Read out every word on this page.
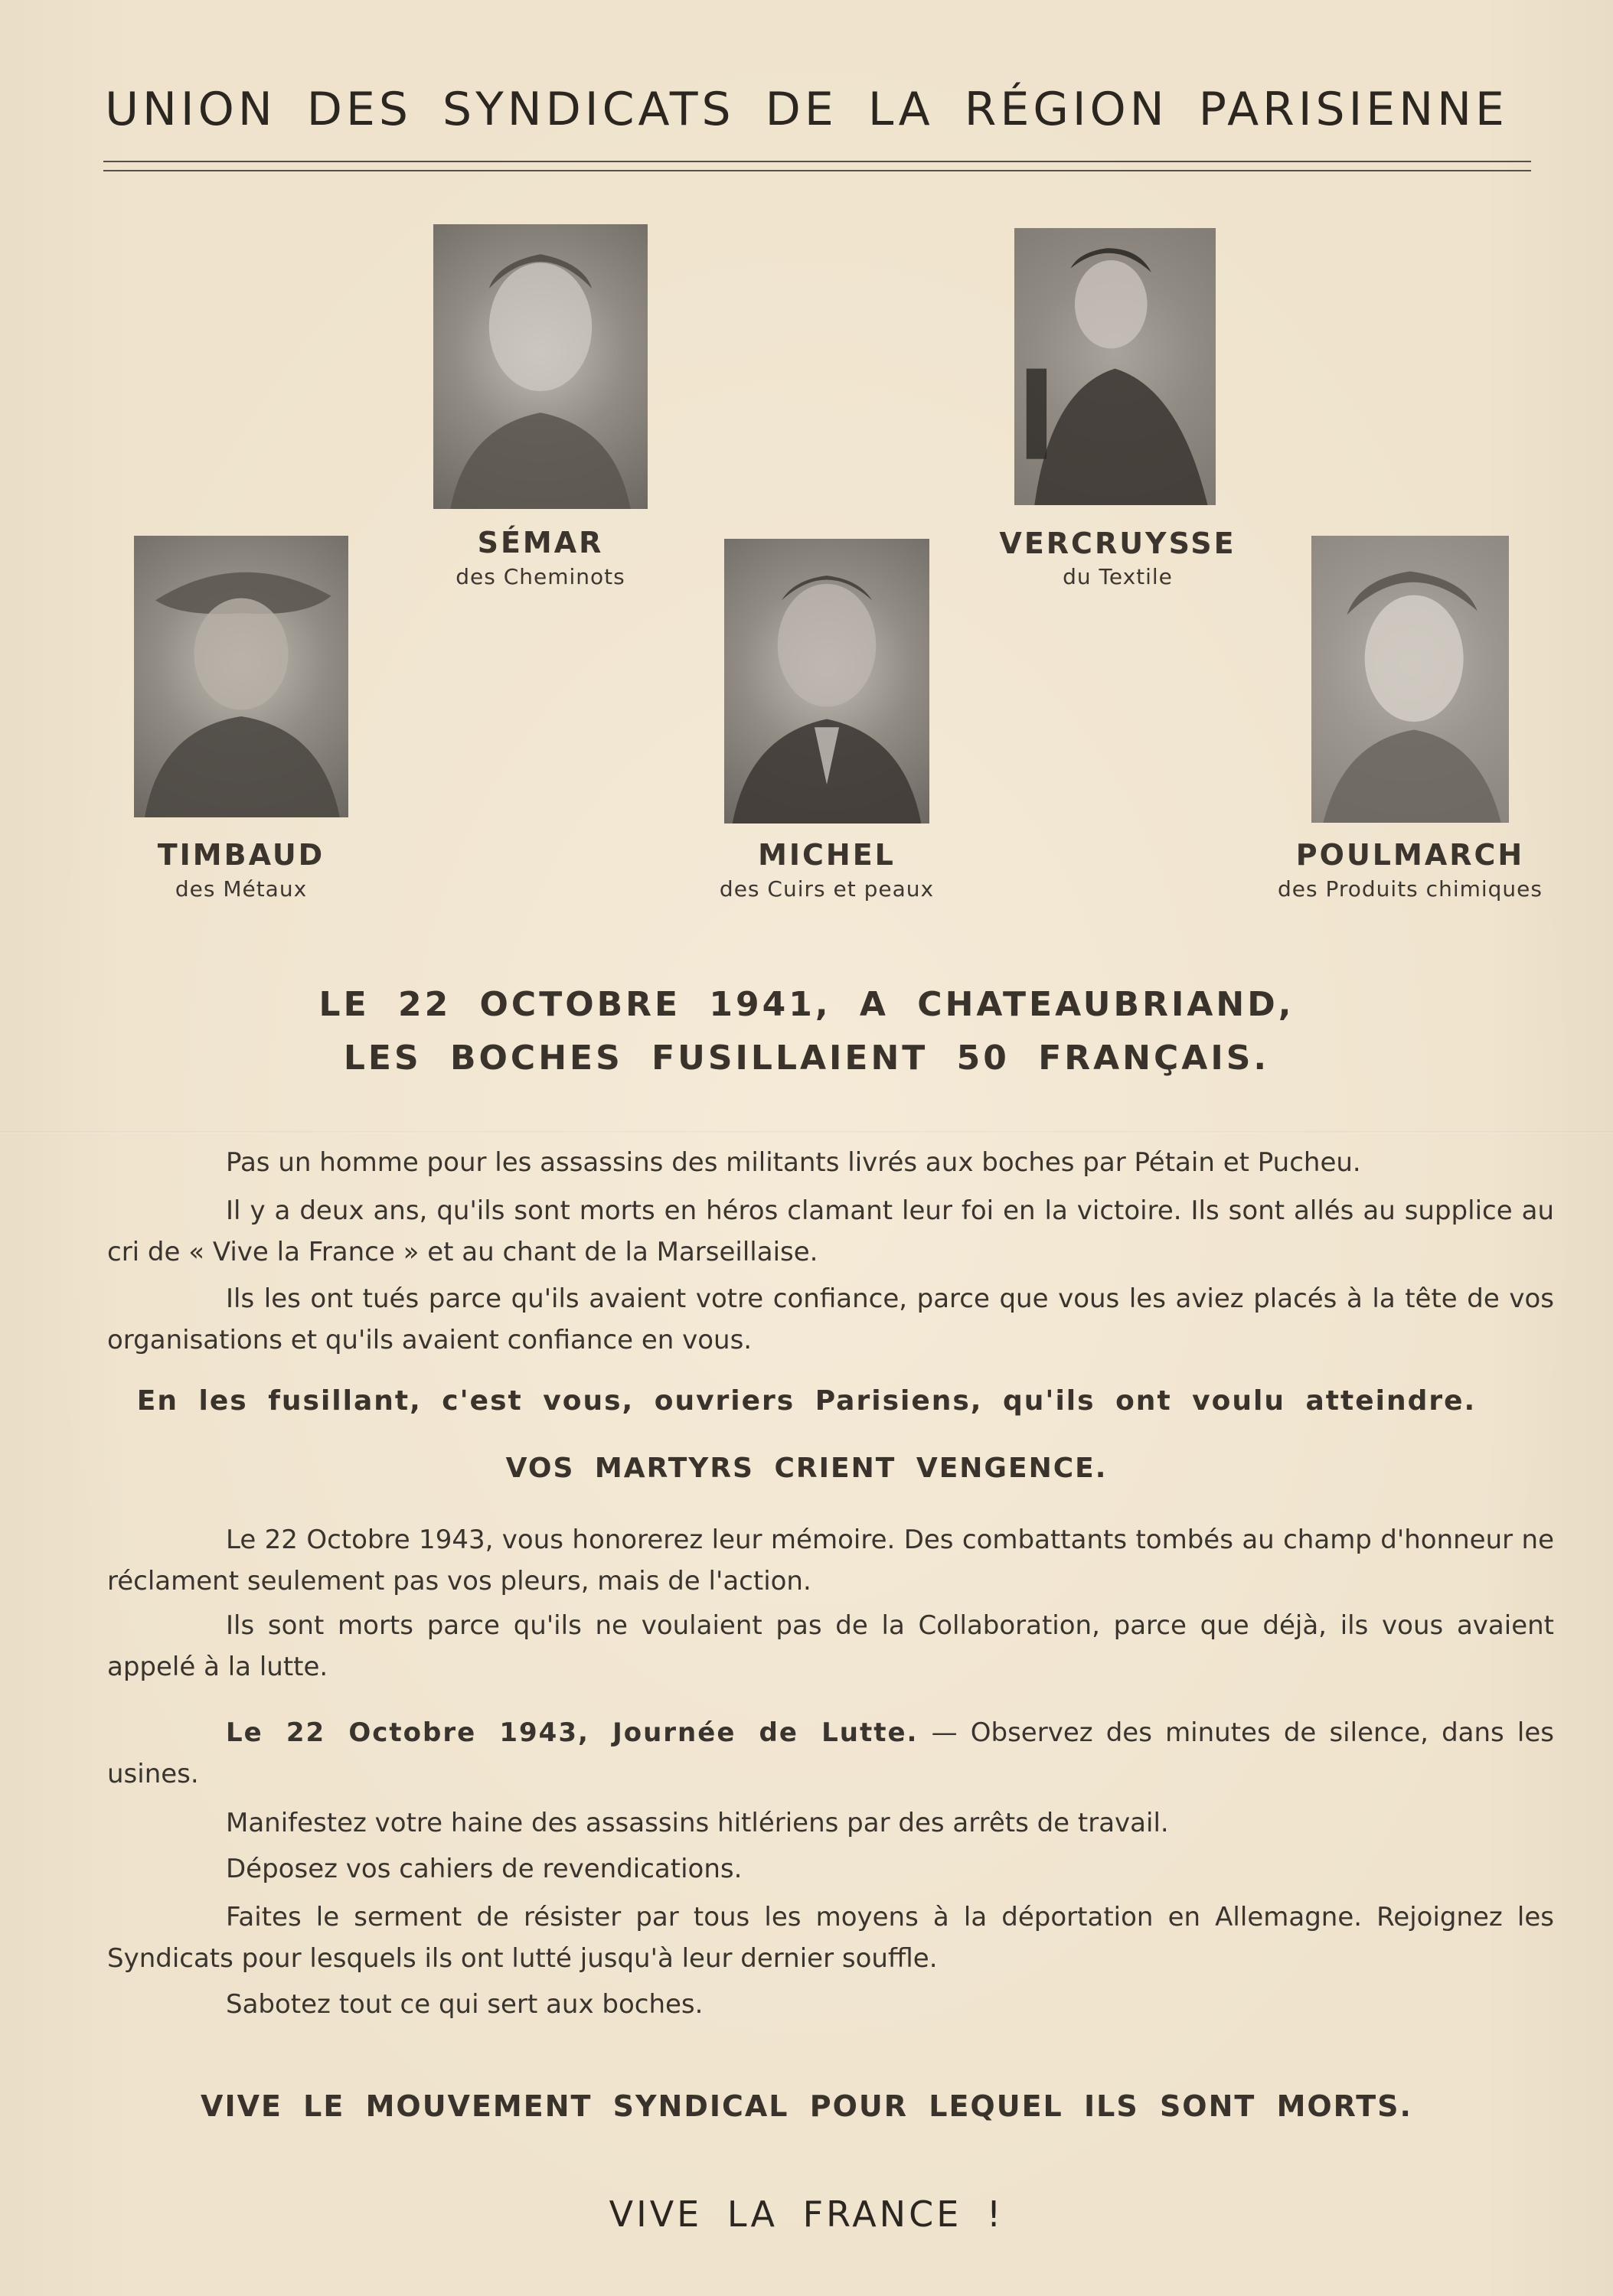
UNION DES SYNDICATS DE LA RÉGION PARISIENNE
SÉMAR
des Cheminots
VERCRUYSSE
du Textile
TIMBAUD
des Métaux
MICHEL
des Cuirs et peaux
POULMARCH
des Produits chimiques
LE 22 OCTOBRE 1941, A CHATEAUBRIAND,
LES BOCHES FUSILLAIENT 50 FRANÇAIS.
Pas un homme pour les assassins des militants livrés aux boches par Pétain et Pucheu.
Il y a deux ans, qu'ils sont morts en héros clamant leur foi en la victoire. Ils sont allés au supplice au cri de « Vive la France » et au chant de la Marseillaise.
Ils les ont tués parce qu'ils avaient votre confiance, parce que vous les aviez placés à la tête de vos organisations et qu'ils avaient confiance en vous.
En les fusillant, c'est vous, ouvriers Parisiens, qu'ils ont voulu atteindre.
VOS MARTYRS CRIENT VENGENCE.
Le 22 Octobre 1943, vous honorerez leur mémoire. Des combattants tombés au champ d'honneur ne réclament seulement pas vos pleurs, mais de l'action.
Ils sont morts parce qu'ils ne voulaient pas de la Collaboration, parce que déjà, ils vous avaient appelé à la lutte.
Le 22 Octobre 1943, Journée de Lutte. — Observez des minutes de silence, dans les usines.
Manifestez votre haine des assassins hitlériens par des arrêts de travail.
Déposez vos cahiers de revendications.
Faites le serment de résister par tous les moyens à la déportation en Allemagne. Rejoignez les Syndicats pour lesquels ils ont lutté jusqu'à leur dernier souffle.
Sabotez tout ce qui sert aux boches.
VIVE LE MOUVEMENT SYNDICAL POUR LEQUEL ILS SONT MORTS.
VIVE LA FRANCE !
